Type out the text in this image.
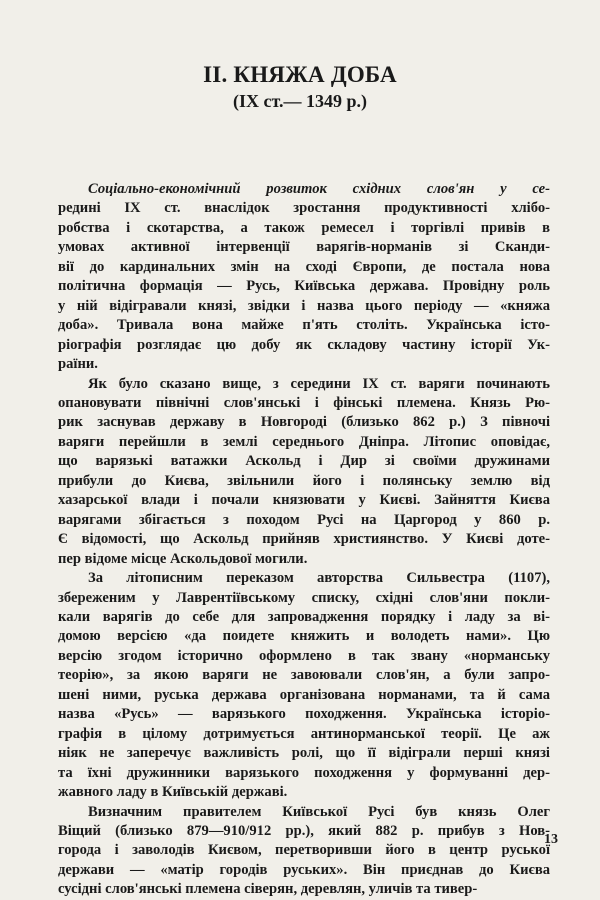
ІІ. КНЯЖА ДОБА
(IX ст.— 1349 р.)
Соціально-економічний розвиток східних слов'ян у се-
редині IX ст. внаслідок зростання продуктивності хлібо-
робства і скотарства, а також ремесел і торгівлі привів в
умовах активної інтервенції варягів-норманів зі Сканди-
вії до кардинальних змін на сході Європи, де постала нова
політична формація — Русь, Київська держава. Провідну роль
у ній відігравали князі, звідки і назва цього періоду — «княжа
доба». Тривала вона майже п'ять століть. Українська істо-
ріографія розглядає цю добу як складову частину історії Ук-
раїни.
Як було сказано вище, з середини IX ст. варяги починають
опановувати північні слов'янські і фінські племена. Князь Рю-
рик заснував державу в Новгороді (близько 862 р.) З півночі
варяги перейшли в землі середнього Дніпра. Літопис оповідає,
що варязькі ватажки Аскольд і Дир зі своїми дружинами
прибули до Києва, звільнили його і полянську землю від
хазарської влади і почали князювати у Києві. Зайняття Києва
варягами збігається з походом Русі на Царгород у 860 р.
Є відомості, що Аскольд прийняв християнство. У Києві доте-
пер відоме місце Аскольдової могили.
За літописним переказом авторства Сильвестра (1107),
збереженим у Лаврентіївському списку, східні слов'яни покли-
кали варягів до себе для запровадження порядку і ладу за ві-
домою версією «да поидете княжить и володеть нами». Цю
версію згодом історично оформлено в так звану «норманську
теорію», за якою варяги не завоювали слов'ян, а були запро-
шені ними, руська держава організована норманами, та й сама
назва «Русь» — варязького походження. Українська історіо-
графія в цілому дотримується антинорманської теорії. Це аж
ніяк не заперечує важливість ролі, що її відіграли перші князі
та їхні дружинники варязького походження у формуванні дер-
жавного ладу в Київській державі.
Визначним правителем Київської Русі був князь Олег
Віщий (близько 879—910/912 рр.), який 882 р. прибув з Нов-
города і заволодів Києвом, перетворивши його в центр руської
держави — «матір городів руських». Він приєднав до Києва
сусідні слов'янські племена сіверян, деревлян, уличів та тивер-
13
